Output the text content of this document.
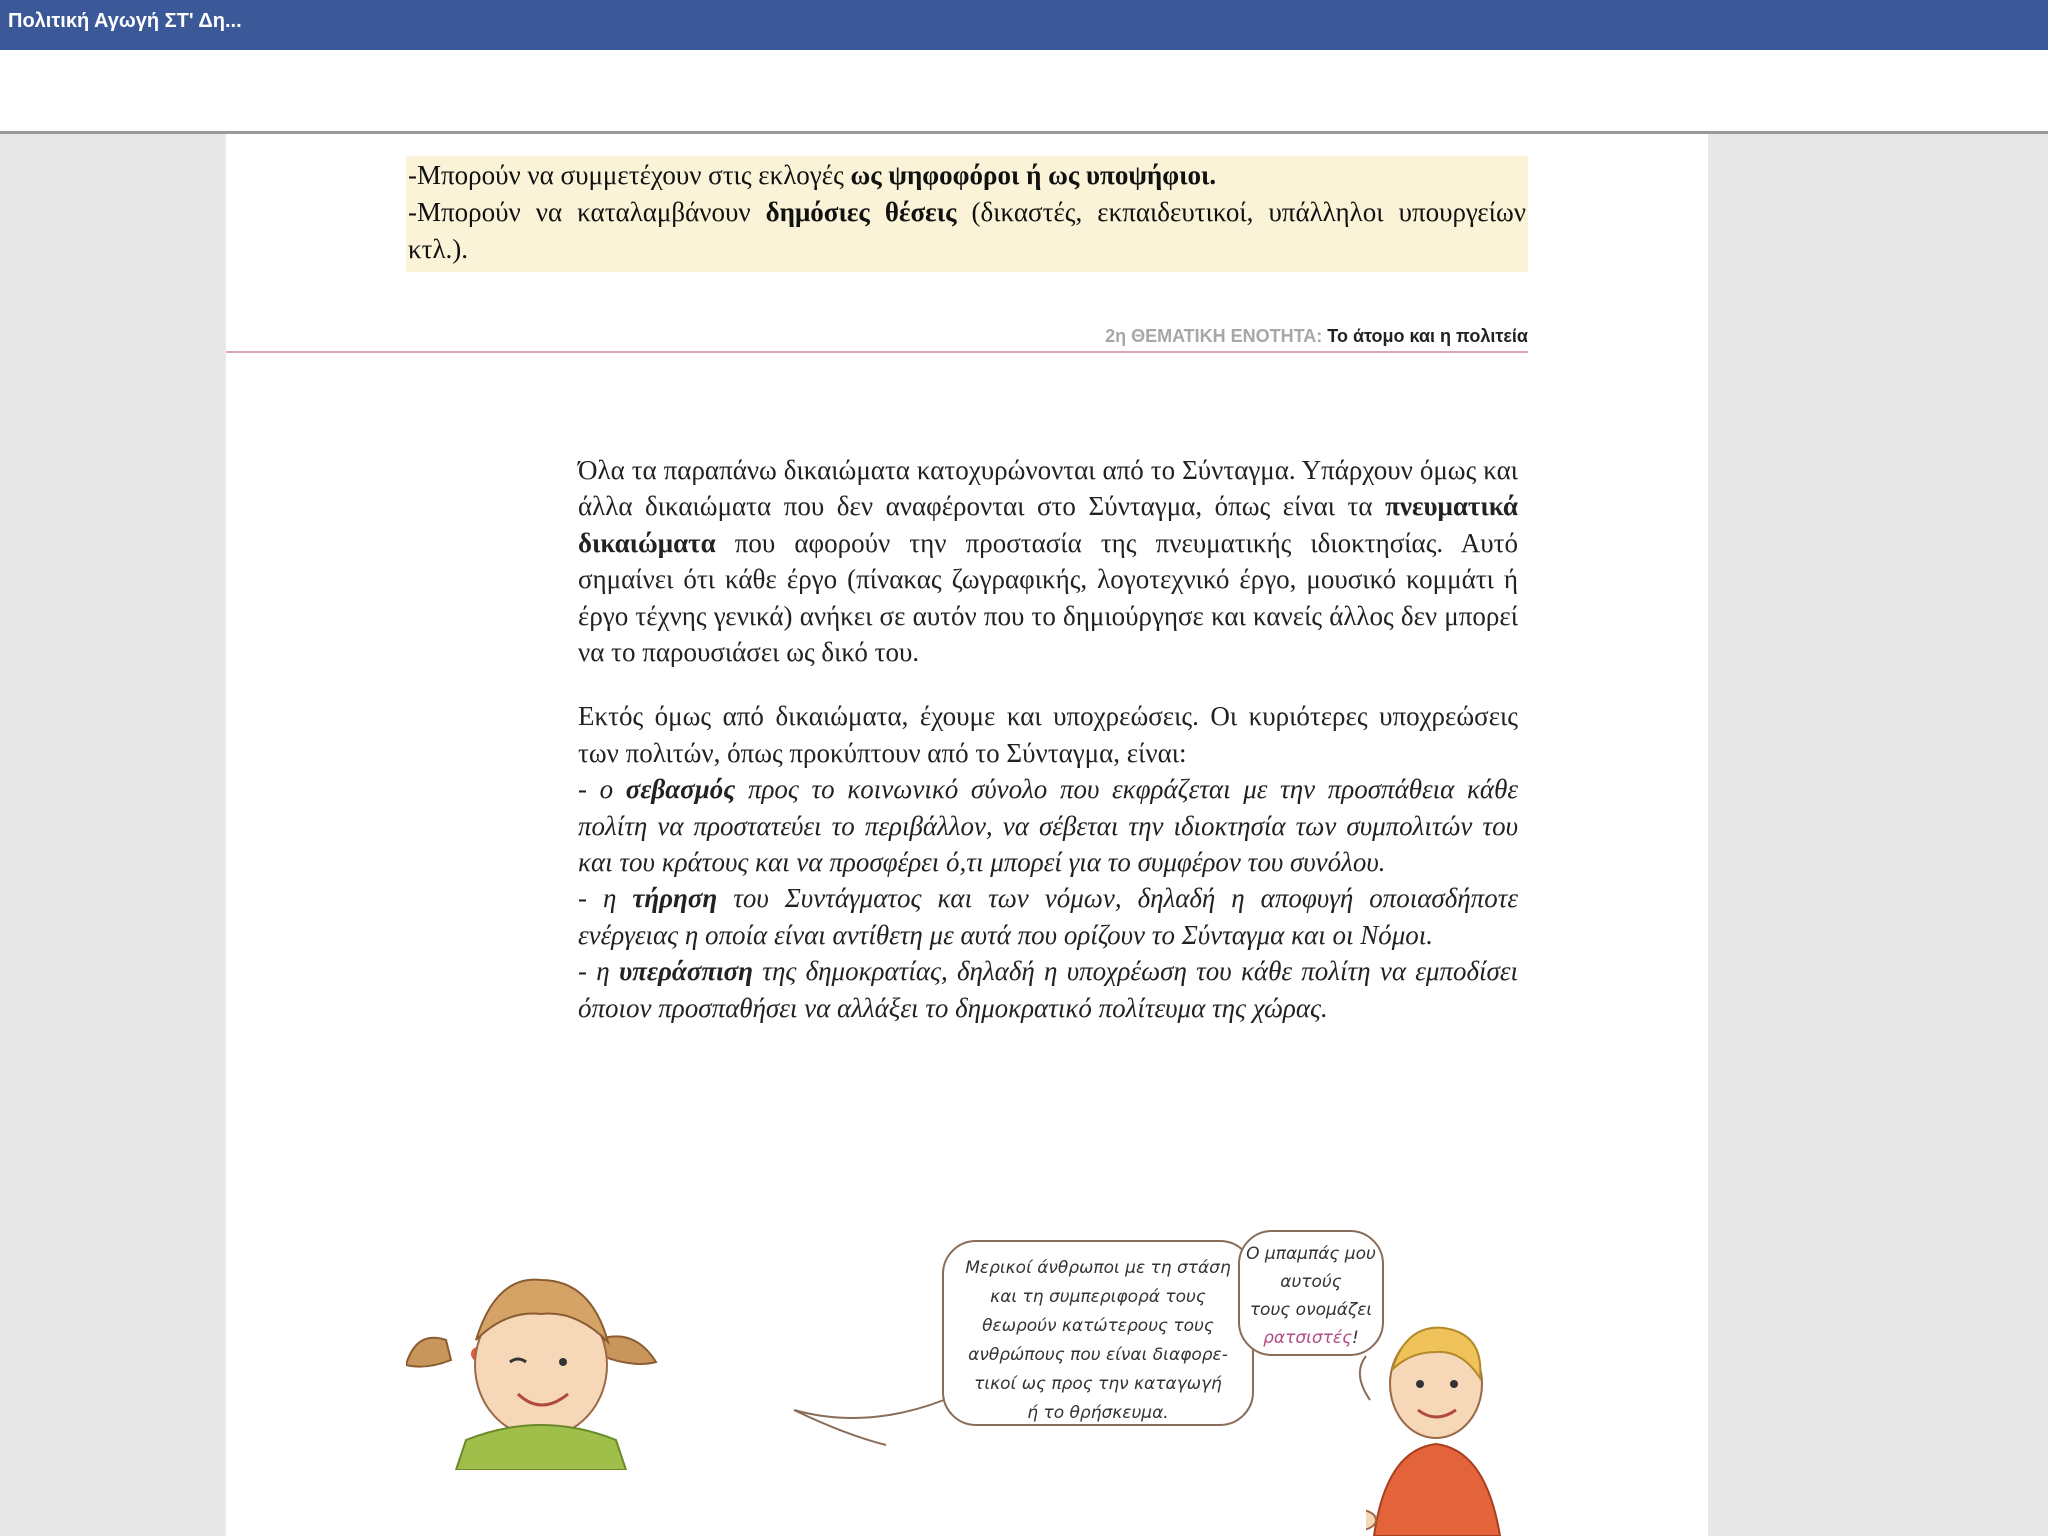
Πολιτική Αγωγή ΣΤ' Δη...

-Μπορούν να συμμετέχουν στις εκλογές ως ψηφοφόροι ή ως υποψήφιοι.

-Μπορούν να καταλαμβάνουν δημόσιες θέσεις (δικαστές, εκπαιδευτικοί, υπάλληλοι υπουργείων κτλ.).

2η ΘΕΜΑΤΙΚΗ ΕΝΟΤΗΤΑ: Το άτομο και η πολιτεία

Όλα τα παραπάνω δικαιώματα κατοχυρώνονται από το Σύνταγμα. Υπάρχουν όμως και άλλα δικαιώματα που δεν αναφέρονται στο Σύνταγμα, όπως είναι τα πνευματικά δικαιώματα που αφορούν την προστασία της πνευματικής ιδιοκτησίας. Αυτό σημαίνει ότι κάθε έργο (πίνακας ζωγραφικής, λογοτεχνικό έργο, μουσικό κομμάτι ή έργο τέχνης γενικά) ανήκει σε αυτόν που το δημιούργησε και κανείς άλλος δεν μπορεί να το παρουσιάσει ως δικό του.

Εκτός όμως από δικαιώματα, έχουμε και υποχρεώσεις. Οι κυριότερες υποχρεώσεις των πολιτών, όπως προκύπτουν από το Σύνταγμα, είναι:
- ο σεβασμός προς το κοινωνικό σύνολο που εκφράζεται με την προσπάθεια κάθε πολίτη να προστατεύει το περιβάλλον, να σέβεται την ιδιοκτησία των συμπολιτών του και του κράτους και να προσφέρει ό,τι μπορεί για το συμφέρον του συνόλου.
- η τήρηση του Συντάγματος και των νόμων, δηλαδή η αποφυγή οποιασδήποτε ενέργειας η οποία είναι αντίθετη με αυτά που ορίζουν το Σύνταγμα και οι Νόμοι.
- η υπεράσπιση της δημοκρατίας, δηλαδή η υποχρέωση του κάθε πολίτη να εμποδίσει όποιον προσπαθήσει να αλλάξει το δημοκρατικό πολίτευμα της χώρας.

Μερικοί άνθρωποι με τη στάση
και τη συμπεριφορά τους
θεωρούν κατώτερους τους
ανθρώπους που είναι διαφορε-
τικοί ως προς την καταγωγή
ή το θρήσκευμα.
Ο μπαμπάς μου
αυτούς
τους ονομάζει
ρατσιστές!
